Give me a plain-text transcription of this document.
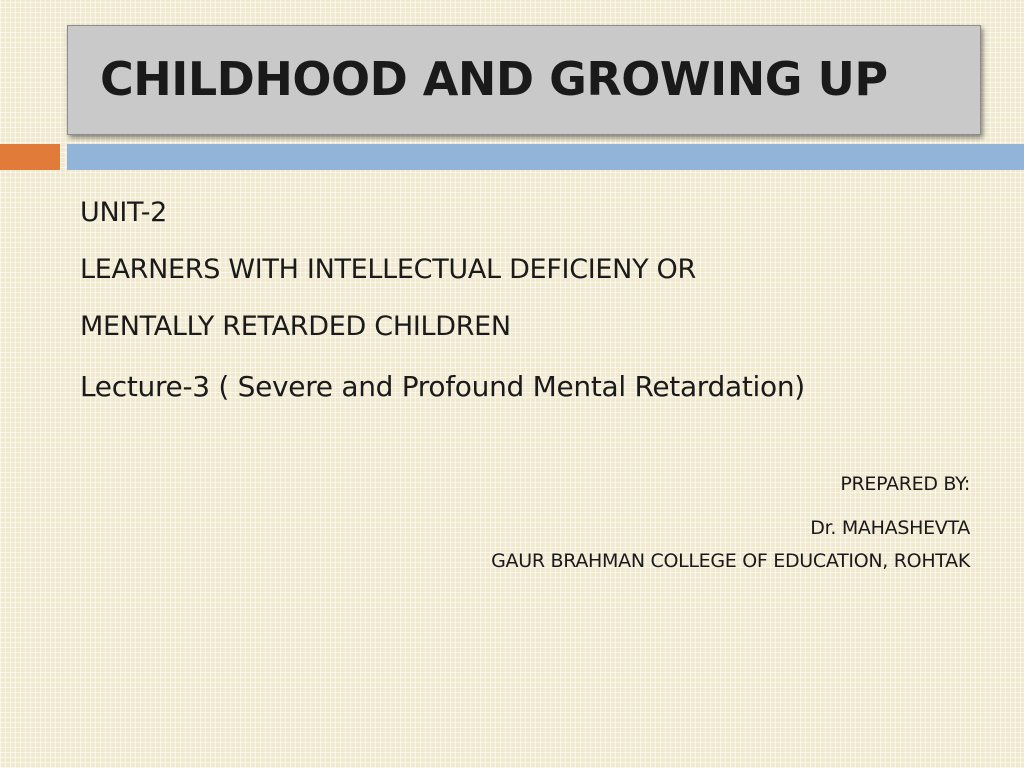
CHILDHOOD AND GROWING UP

UNIT-2

LEARNERS WITH INTELLECTUAL DEFICIENY OR

MENTALLY RETARDED CHILDREN

Lecture-3 ( Severe and Profound Mental Retardation)

PREPARED BY:

Dr. MAHASHEVTA

GAUR BRAHMAN COLLEGE OF EDUCATION, ROHTAK
